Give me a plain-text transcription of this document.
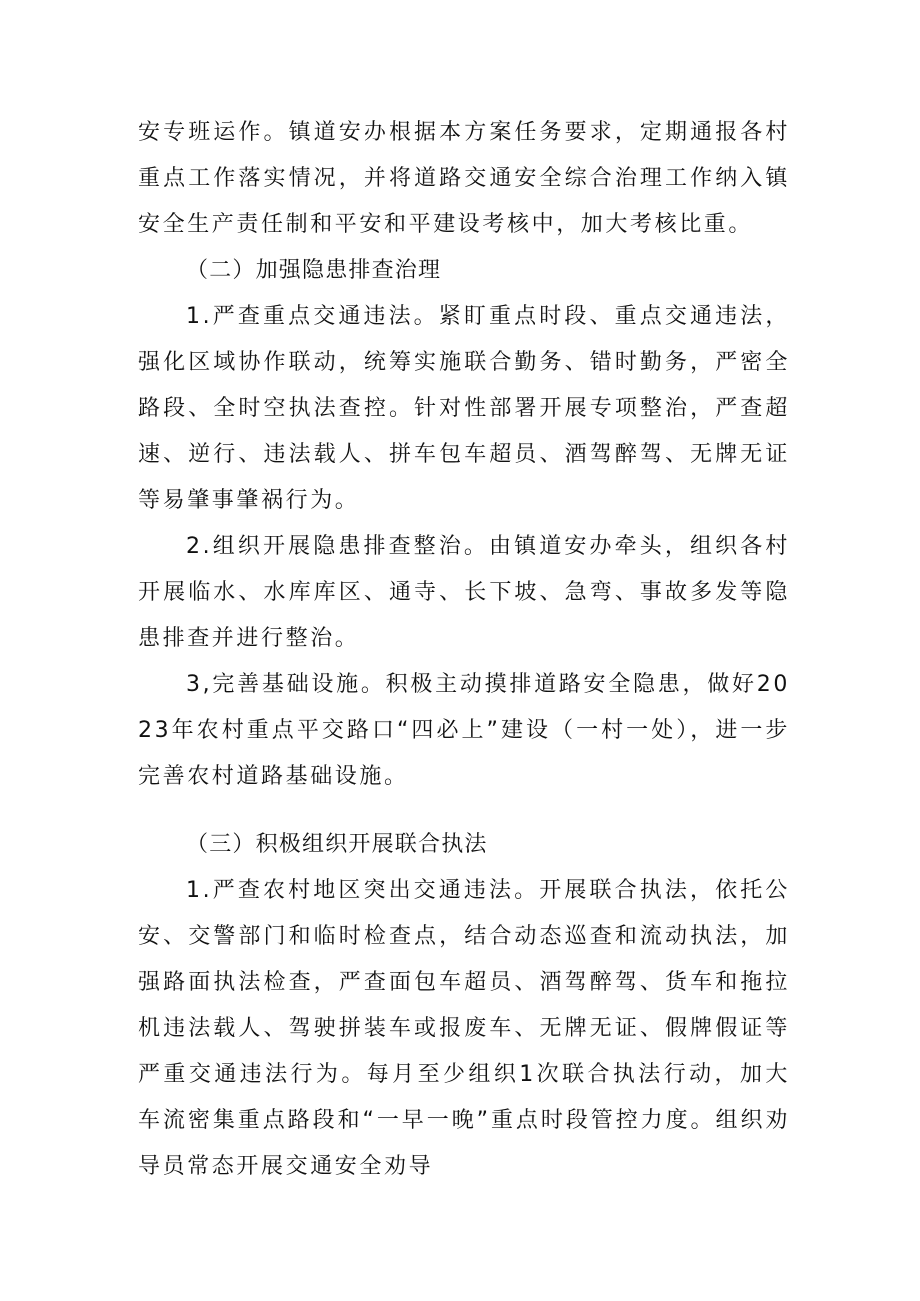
安专班运作。镇道安办根据本方案任务要求，定期通报各村重点工作落实情况，并将道路交通安全综合治理工作纳入镇安全生产责任制和平安和平建设考核中，加大考核比重。

（二）加强隐患排查治理

1.严查重点交通违法。紧盯重点时段、重点交通违法，强化区域协作联动，统筹实施联合勤务、错时勤务，严密全路段、全时空执法查控。针对性部署开展专项整治，严查超速、逆行、违法载人、拼车包车超员、酒驾醉驾、无牌无证等易肇事肇祸行为。

2.组织开展隐患排查整治。由镇道安办牵头，组织各村开展临水、水库库区、通寺、长下坡、急弯、事故多发等隐患排查并进行整治。

3,完善基础设施。积极主动摸排道路安全隐患，做好2023年农村重点平交路口“四必上”建设（一村一处），进一步完善农村道路基础设施。

（三）积极组织开展联合执法

1.严查农村地区突出交通违法。开展联合执法，依托公安、交警部门和临时检查点，结合动态巡查和流动执法，加强路面执法检查，严查面包车超员、酒驾醉驾、货车和拖拉机违法载人、驾驶拼装车或报废车、无牌无证、假牌假证等严重交通违法行为。每月至少组织1次联合执法行动，加大车流密集重点路段和“一早一晚”重点时段管控力度。组织劝导员常态开展交通安全劝导
